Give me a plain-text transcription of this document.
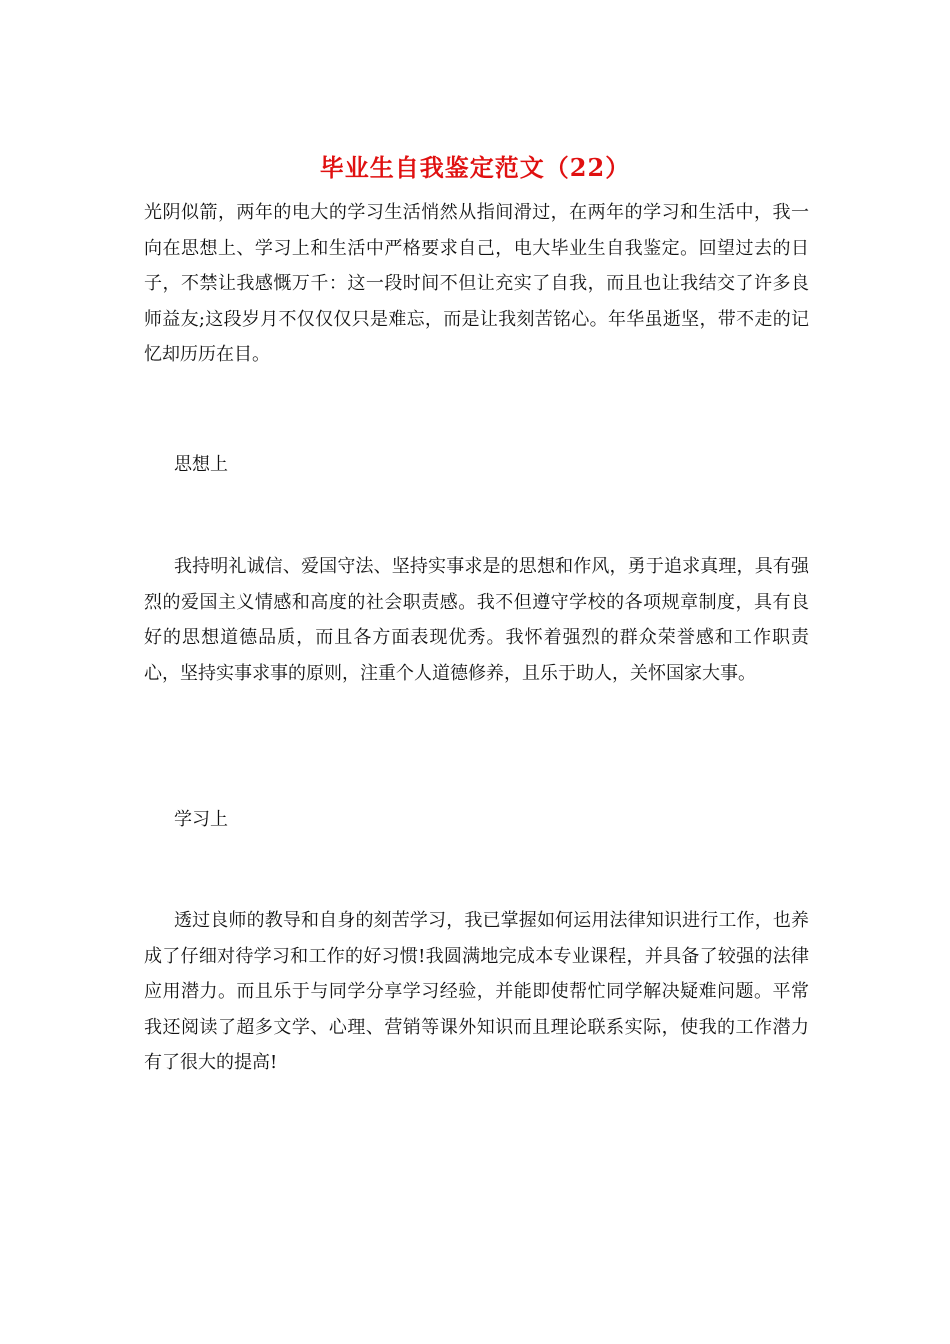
毕业生自我鉴定范文（22）

光阴似箭，两年的电大的学习生活悄然从指间滑过，在两年的学习和生活中，我一向在思想上、学习上和生活中严格要求自己，电大毕业生自我鉴定。回望过去的日子，不禁让我感慨万千：这一段时间不但让充实了自我，而且也让我结交了许多良师益友;这段岁月不仅仅仅只是难忘，而是让我刻苦铭心。年华虽逝坚，带不走的记忆却历历在目。

思想上

我持明礼诚信、爱国守法、坚持实事求是的思想和作风，勇于追求真理，具有强烈的爱国主义情感和高度的社会职责感。我不但遵守学校的各项规章制度，具有良好的思想道德品质，而且各方面表现优秀。我怀着强烈的群众荣誉感和工作职责心，坚持实事求事的原则，注重个人道德修养，且乐于助人，关怀国家大事。

学习上

透过良师的教导和自身的刻苦学习，我已掌握如何运用法律知识进行工作，也养成了仔细对待学习和工作的好习惯!我圆满地完成本专业课程，并具备了较强的法律应用潜力。而且乐于与同学分享学习经验，并能即使帮忙同学解决疑难问题。平常我还阅读了超多文学、心理、营销等课外知识而且理论联系实际，使我的工作潜力有了很大的提高!
